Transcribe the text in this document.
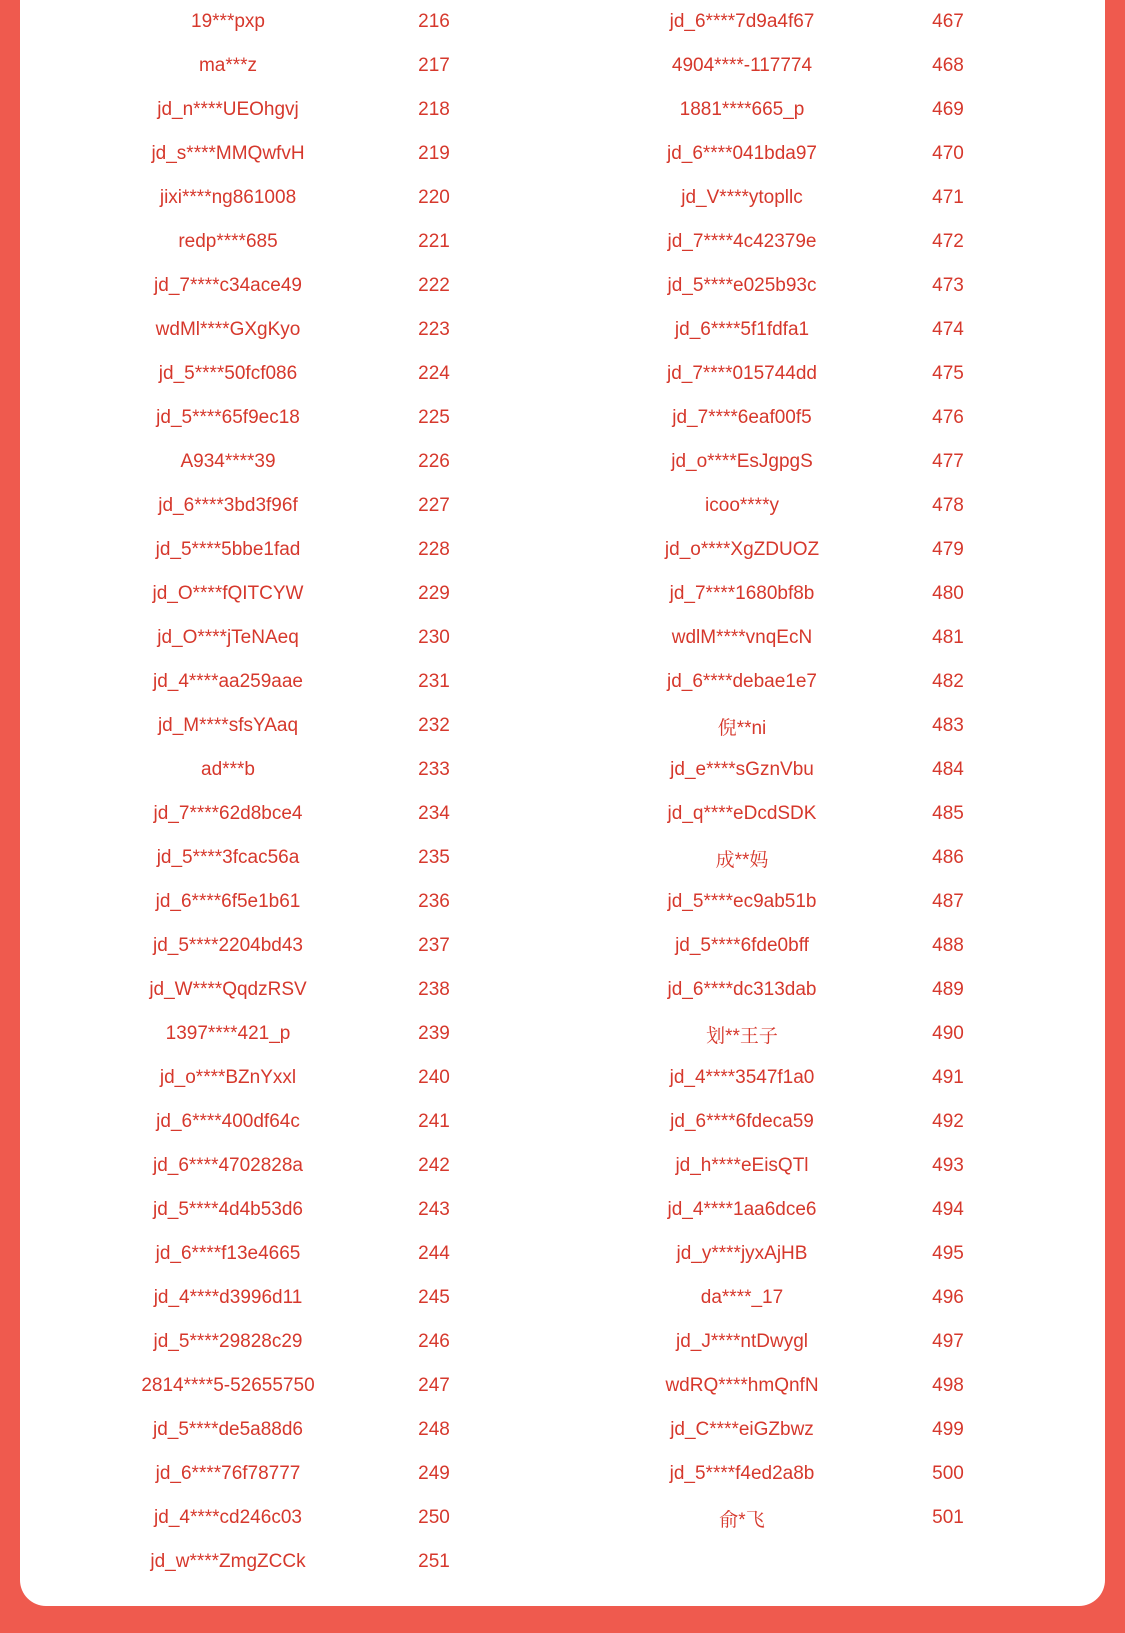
19***pxp	216
ma***z	217
jd_n****UEOhgvj	218
jd_s****MMQwfvH	219
jixi****ng861008	220
redp****685	221
jd_7****c34ace49	222
wdMl****GXgKyo	223
jd_5****50fcf086	224
jd_5****65f9ec18	225
A934****39	226
jd_6****3bd3f96f	227
jd_5****5bbe1fad	228
jd_O****fQITCYW	229
jd_O****jTeNAeq	230
jd_4****aa259aae	231
jd_M****sfsYAaq	232
ad***b	233
jd_7****62d8bce4	234
jd_5****3fcac56a	235
jd_6****6f5e1b61	236
jd_5****2204bd43	237
jd_W****QqdzRSV	238
1397****421_p	239
jd_o****BZnYxxl	240
jd_6****400df64c	241
jd_6****4702828a	242
jd_5****4d4b53d6	243
jd_6****f13e4665	244
jd_4****d3996d11	245
jd_5****29828c29	246
2814****5-52655750	247
jd_5****de5a88d6	248
jd_6****76f78777	249
jd_4****cd246c03	250
jd_w****ZmgZCCk	251
jd_6****7d9a4f67	467
4904****-117774	468
1881****665_p	469
jd_6****041bda97	470
jd_V****ytopllc	471
jd_7****4c42379e	472
jd_5****e025b93c	473
jd_6****5f1fdfa1	474
jd_7****015744dd	475
jd_7****6eaf00f5	476
jd_o****EsJgpgS	477
icoo****y	478
jd_o****XgZDUOZ	479
jd_7****1680bf8b	480
wdlM****vnqEcN	481
jd_6****debae1e7	482
倪**ni	483
jd_e****sGznVbu	484
jd_q****eDcdSDK	485
成**妈	486
jd_5****ec9ab51b	487
jd_5****6fde0bff	488
jd_6****dc313dab	489
划**王子	490
jd_4****3547f1a0	491
jd_6****6fdeca59	492
jd_h****eEisQTl	493
jd_4****1aa6dce6	494
jd_y****jyxAjHB	495
da****_17	496
jd_J****ntDwygl	497
wdRQ****hmQnfN	498
jd_C****eiGZbwz	499
jd_5****f4ed2a8b	500
俞*飞	501
